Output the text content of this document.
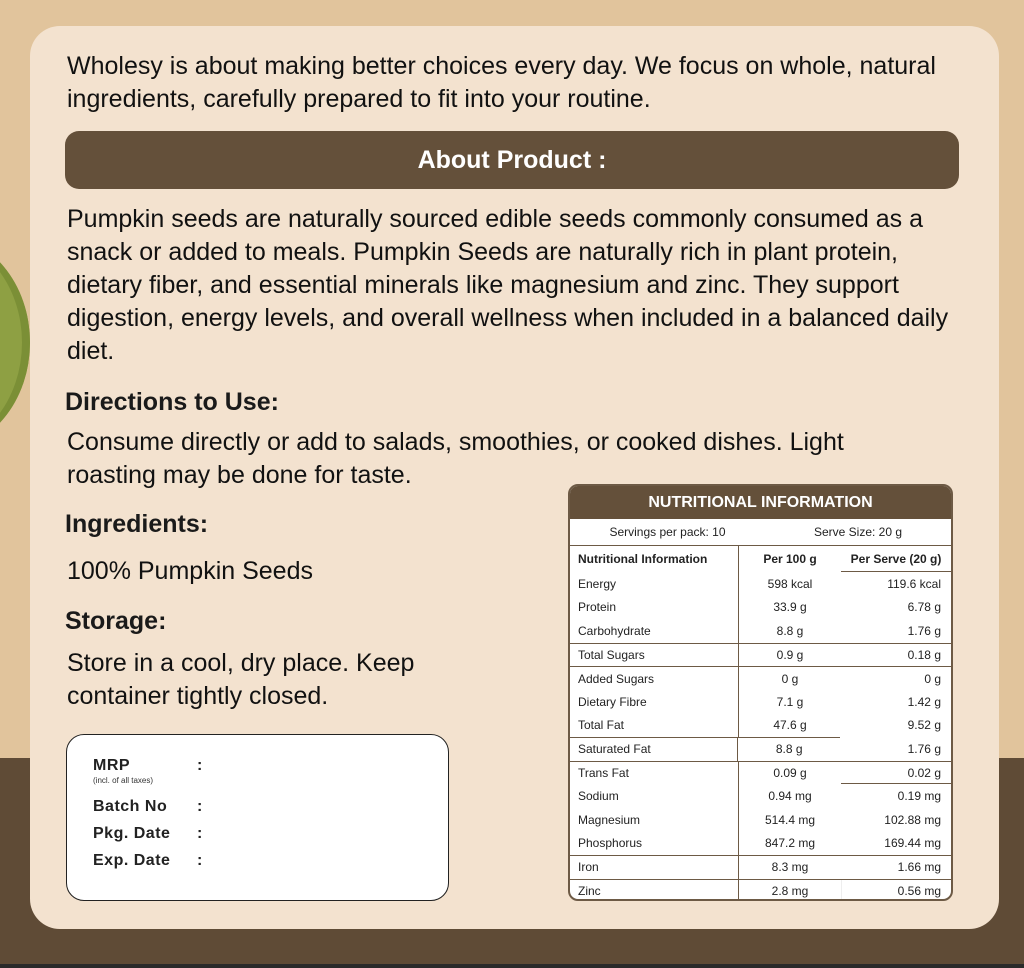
Wholesy is about making better choices every day. We focus on whole, natural ingredients, carefully prepared to fit into your routine.

About Product :

Pumpkin seeds are naturally sourced edible seeds commonly consumed as a snack or added to meals. Pumpkin Seeds are naturally rich in plant protein, dietary fiber, and essential minerals like magnesium and zinc. They support digestion, energy levels, and overall wellness when included in a balanced daily diet.

Directions to Use:

Consume directly or add to salads, smoothies, or cooked dishes. Light roasting may be done for taste.

Ingredients:

100% Pumpkin Seeds

Storage:

Store in a cool, dry place. Keep container tightly closed.

MRP
(incl. of all taxes)
:
Batch No :
Pkg. Date :
Exp. Date :
NUTRITIONAL INFORMATION
Servings per pack: 10	Serve Size: 20 g
Nutritional Information	Per 100 g	Per Serve (20 g)
Energy	598 kcal	119.6 kcal
Protein	33.9 g	6.78 g
Carbohydrate	8.8 g	1.76 g
Total Sugars	0.9 g	0.18 g
Added Sugars	0 g	0 g
Dietary Fibre	7.1 g	1.42 g
Total Fat	47.6 g	9.52 g
Saturated Fat	8.8 g	1.76 g
Trans Fat	0.09 g	0.02 g
Sodium	0.94 mg	0.19 mg
Magnesium	514.4 mg	102.88 mg
Phosphorus	847.2 mg	169.44 mg
Iron	8.3 mg	1.66 mg
Zinc	2.8 mg	0.56 mg
